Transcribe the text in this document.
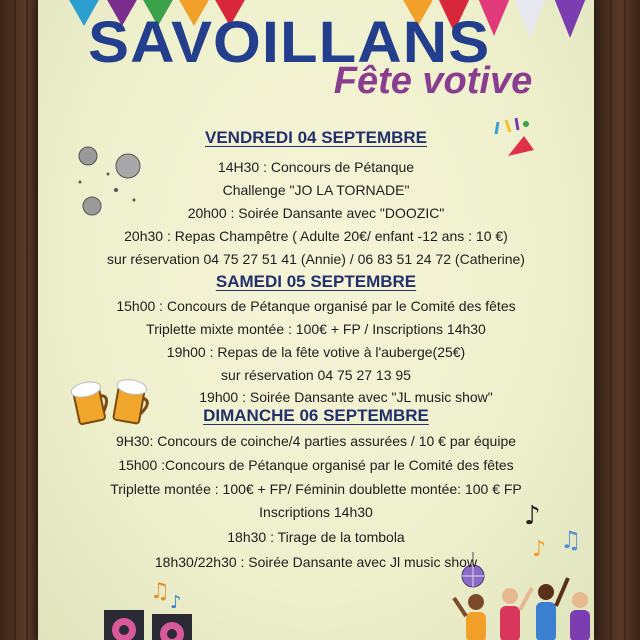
SAVOILLANS
Fête votive
♪
♫
♪
♫ ♪
VENDREDI 04 SEPTEMBRE
14H30 : Concours de Pétanque
Challenge "JO LA TORNADE"
20h00 : Soirée Dansante avec "DOOZIC"
20h30 : Repas Champêtre ( Adulte 20€/ enfant -12 ans : 10 €)
sur réservation 04 75 27 51 41 (Annie) / 06 83 51 24 72 (Catherine)
SAMEDI 05 SEPTEMBRE
15h00 : Concours de Pétanque organisé par le Comité des fêtes
Triplette mixte montée : 100€ + FP / Inscriptions 14h30
19h00 : Repas de la fête votive à l'auberge(25€)
sur réservation 04 75 27 13 95
19h00 : Soirée Dansante avec "JL music show"
DIMANCHE 06 SEPTEMBRE
9H30: Concours de coinche/4 parties assurées / 10 € par équipe
15h00 :Concours de Pétanque organisé par le Comité des fêtes
Triplette montée : 100€ + FP/ Féminin doublette montée: 100 € FP
Inscriptions 14h30
18h30 : Tirage de la tombola
18h30/22h30 : Soirée Dansante avec Jl music show
